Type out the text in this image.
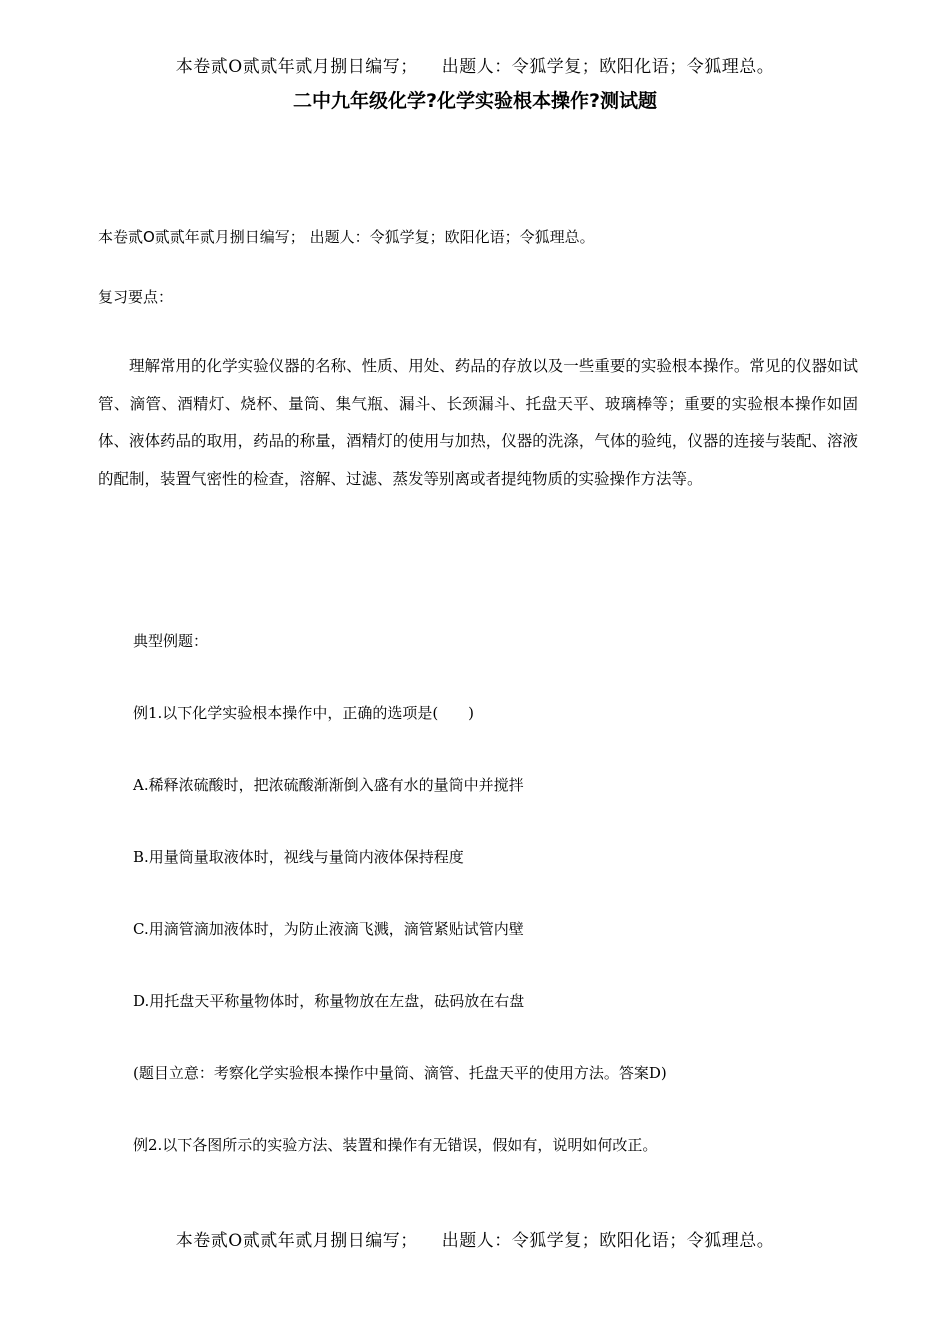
本卷贰O贰贰年贰月捌日编写； 出题人：令狐学复；欧阳化语；令狐理总。
二中九年级化学?化学实验根本操作?测试题
本卷贰O贰贰年贰月捌日编写； 出题人：令狐学复；欧阳化语；令狐理总。
复习要点：

理解常用的化学实验仪器的名称、性质、用处、药品的存放以及一些重要的实验根本操作。常见的仪器如试管、滴管、酒精灯、烧杯、量筒、集气瓶、漏斗、长颈漏斗、托盘天平、玻璃棒等；重要的实验根本操作如固体、液体药品的取用，药品的称量，酒精灯的使用与加热，仪器的洗涤，气体的验纯，仪器的连接与装配、溶液的配制，装置气密性的检查，溶解、过滤、蒸发等别离或者提纯物质的实验操作方法等。

典型例题：
例1.以下化学实验根本操作中，正确的选项是(　　)
A.稀释浓硫酸时，把浓硫酸渐渐倒入盛有水的量筒中并搅拌
B.用量筒量取液体时，视线与量筒内液体保持程度
C.用滴管滴加液体时，为防止液滴飞溅，滴管紧贴试管内壁
D.用托盘天平称量物体时，称量物放在左盘，砝码放在右盘
(题目立意：考察化学实验根本操作中量筒、滴管、托盘天平的使用方法。答案D)
例2.以下各图所示的实验方法、装置和操作有无错误，假如有，说明如何改正。
本卷贰O贰贰年贰月捌日编写； 出题人：令狐学复；欧阳化语；令狐理总。
